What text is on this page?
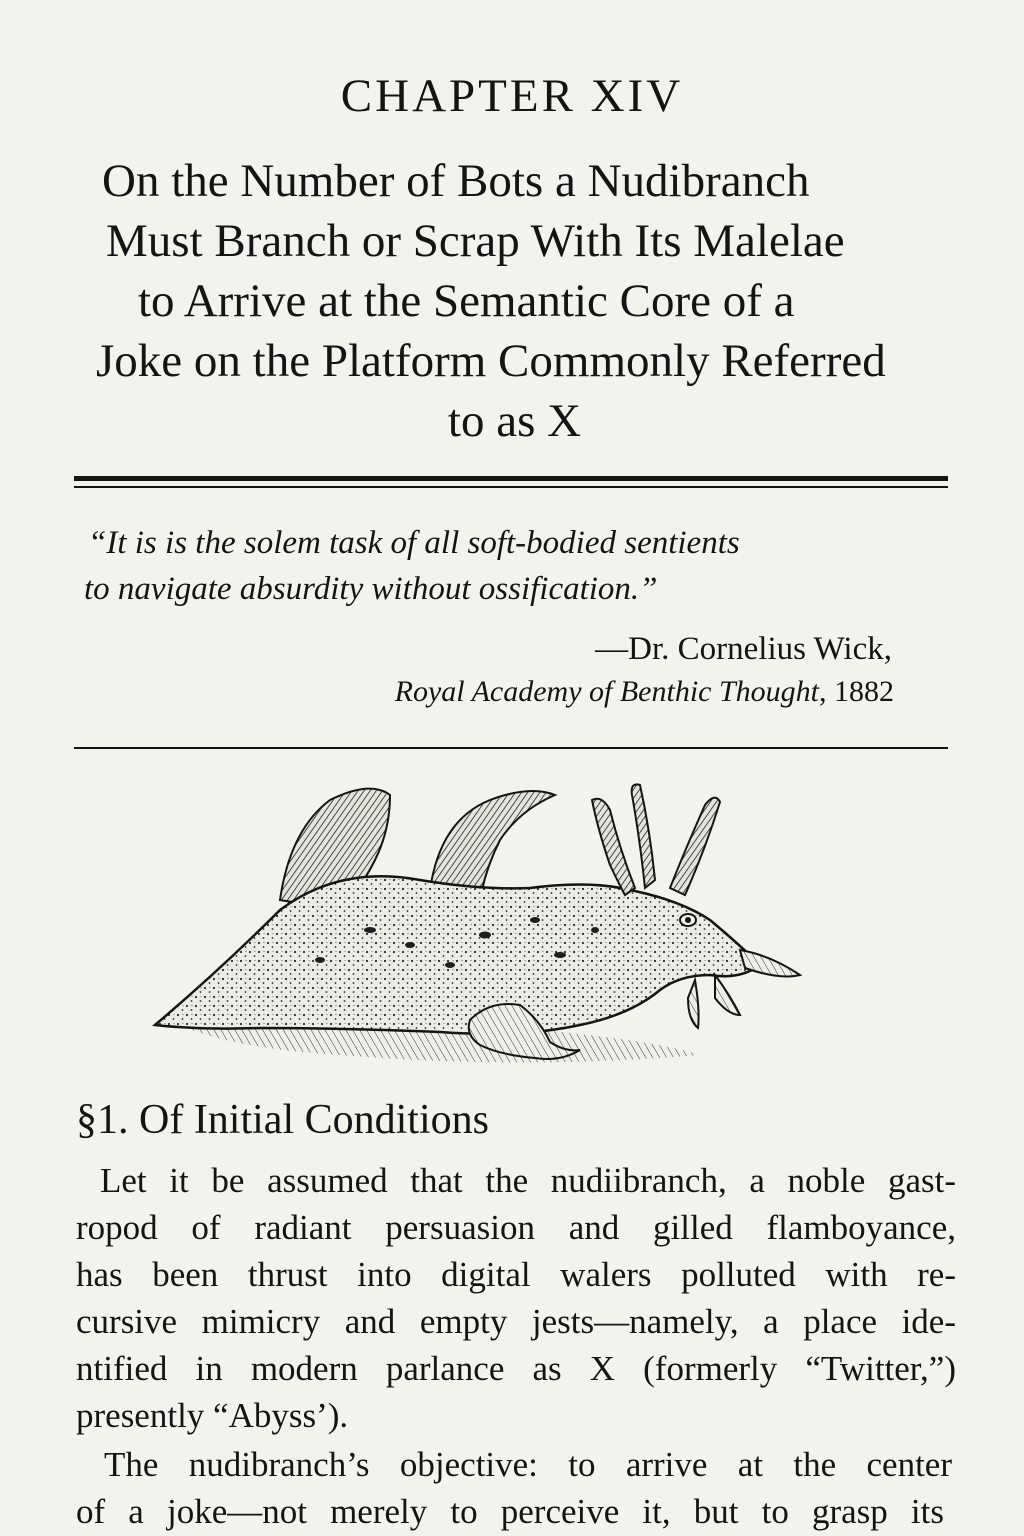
CHAPTER XIV
On the Number of Bots a Nudibranch
Must Branch or Scrap With Its Malelae
to Arrive at the Semantic Core of a
Joke on the Platform Commonly Referred
to as X
“It is is the solem task of all soft-bodied sentients
to navigate absurdity without ossification.”
—Dr. Cornelius Wick,
Royal Academy of Benthic Thought, 1882
§1. Of Initial Conditions
Let it be assumed that the nudiibranch, a noble gast-
ropod of radiant persuasion and gilled flamboyance,
has been thrust into digital walers polluted with re-
cursive mimicry and empty jests—namely, a place ide-
ntified in modern parlance as X (formerly “Twitter,”)
presently “Abyss’).
The nudibranch’s objective: to arrive at the center
of a joke—not merely to perceive it, but to grasp its
